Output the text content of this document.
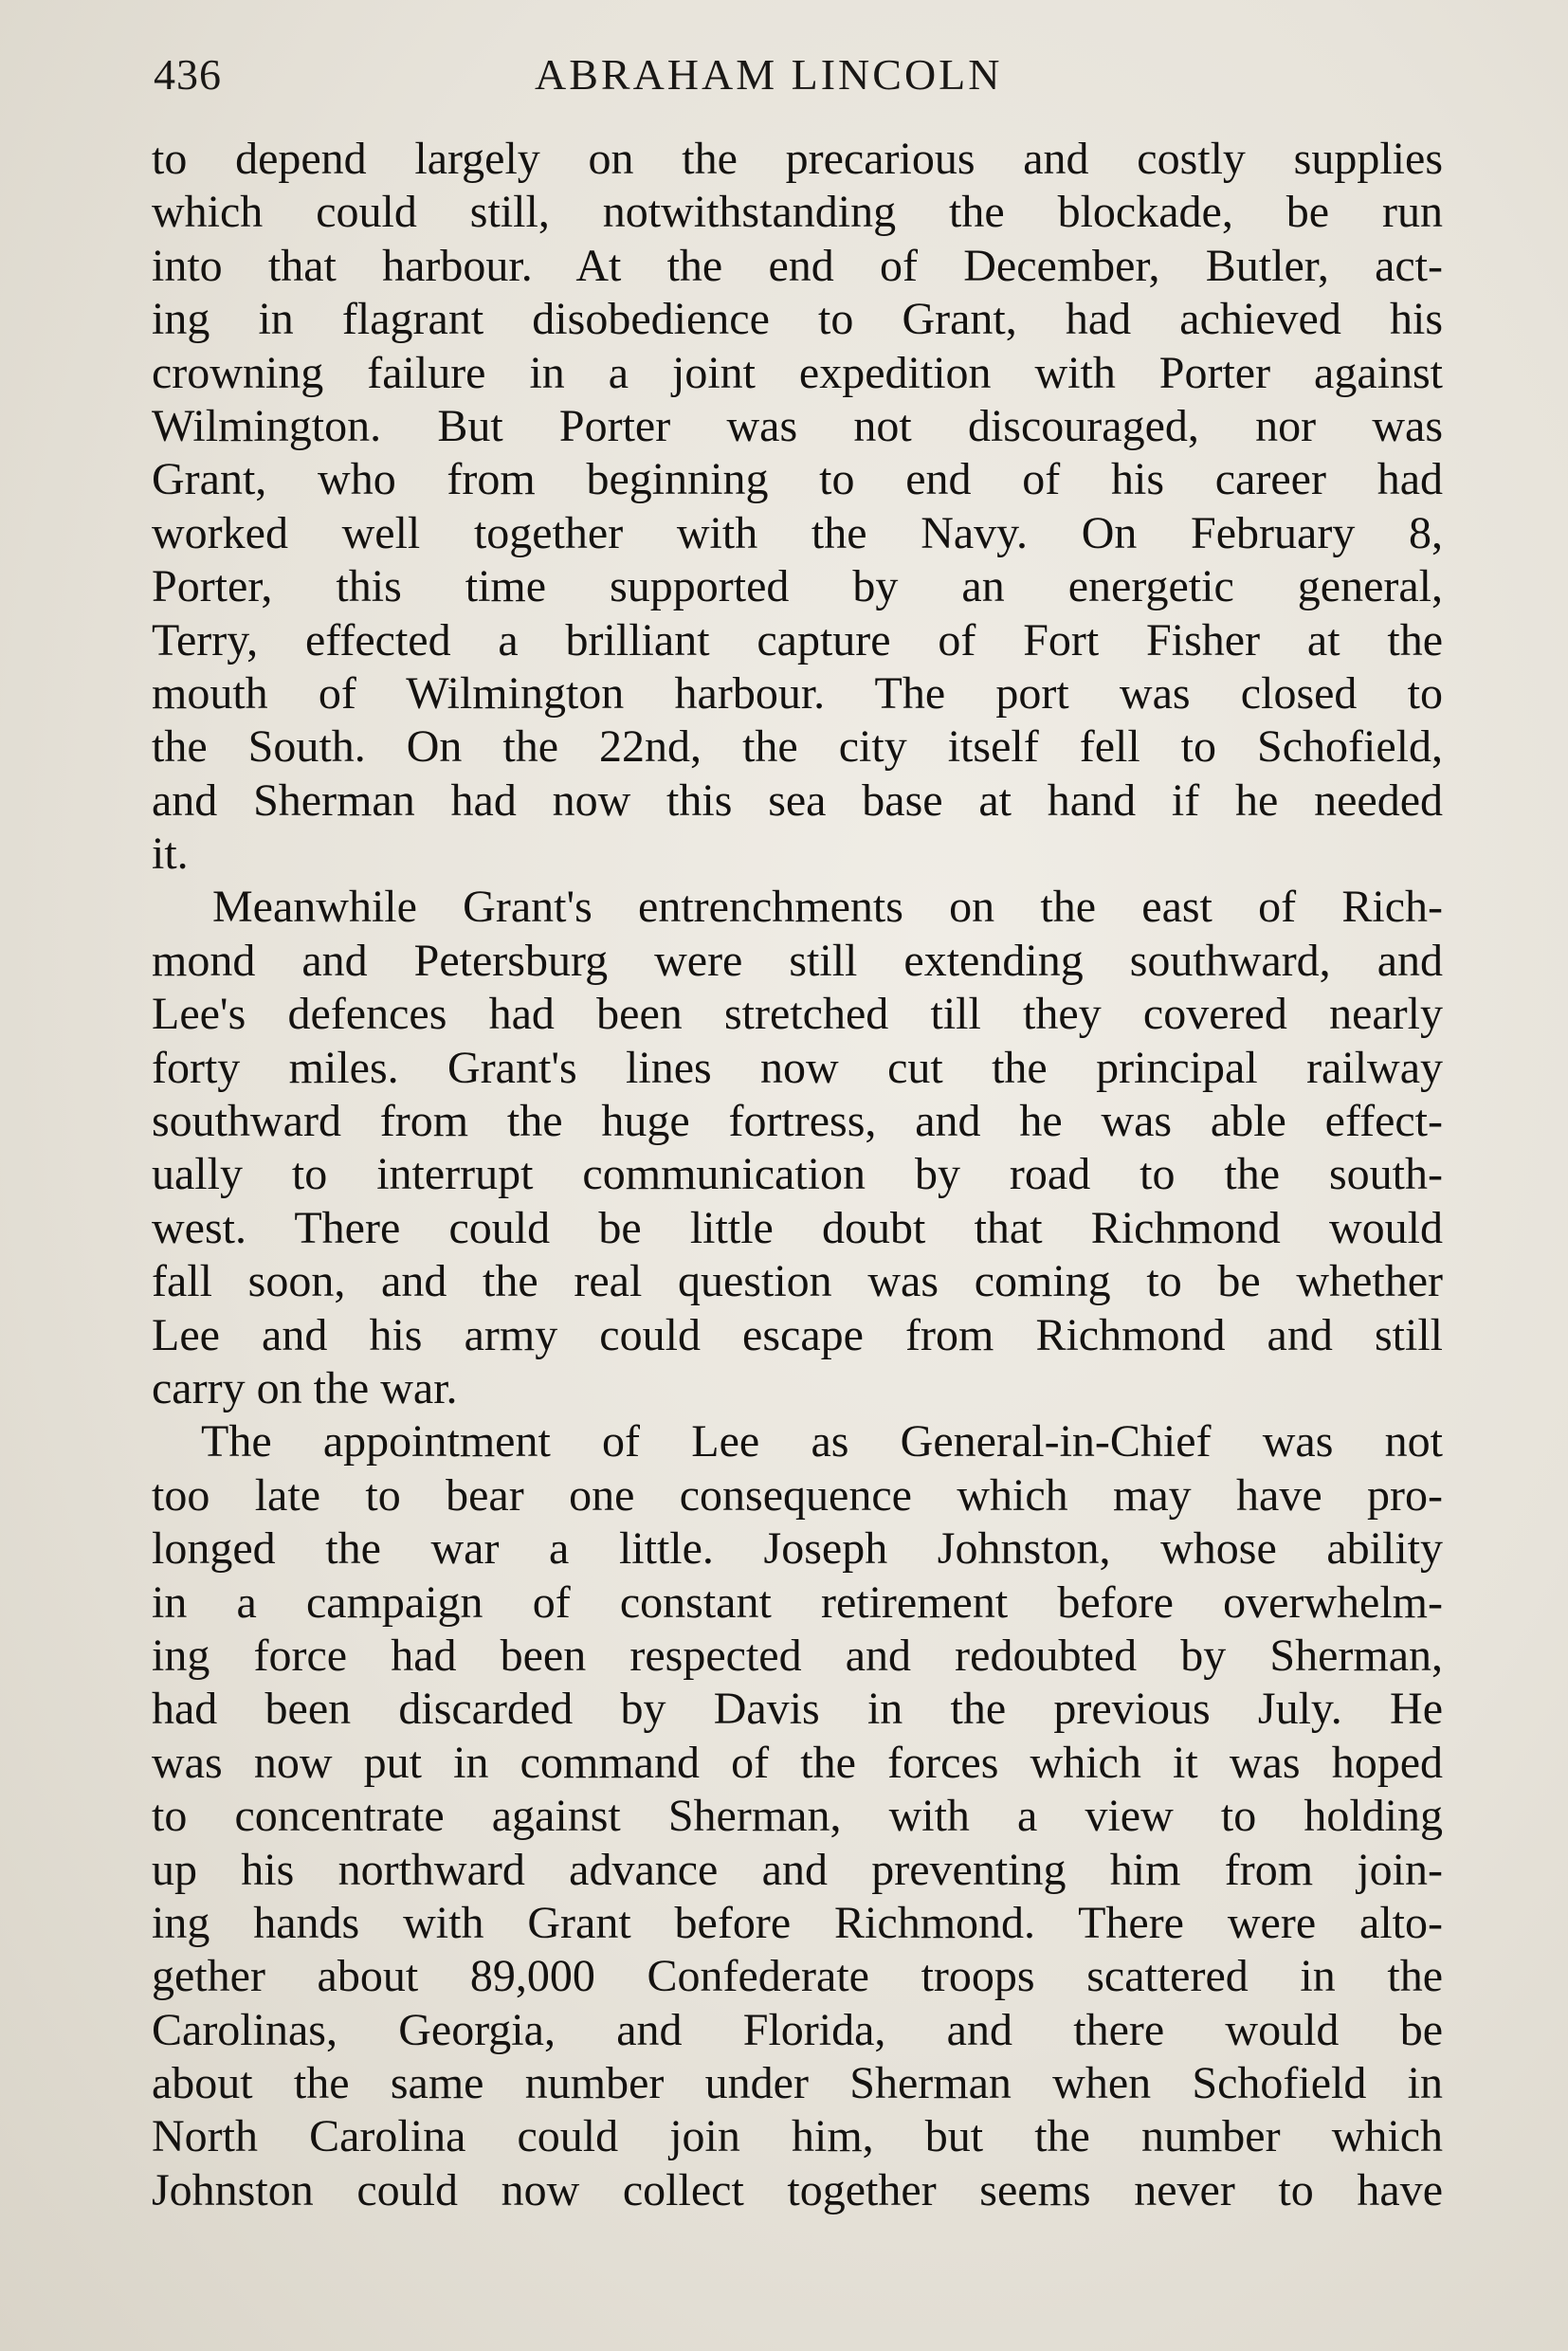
436	ABRAHAM LINCOLN
to depend largely on the precarious and costly supplies
which could still, notwithstanding the blockade, be run
into that harbour. At the end of December, Butler, act-
ing in flagrant disobedience to Grant, had achieved his
crowning failure in a joint expedition with Porter against
Wilmington. But Porter was not discouraged, nor was
Grant, who from beginning to end of his career had
worked well together with the Navy. On February 8,
Porter, this time supported by an energetic general,
Terry, effected a brilliant capture of Fort Fisher at the
mouth of Wilmington harbour. The port was closed to
the South. On the 22nd, the city itself fell to Schofield,
and Sherman had now this sea base at hand if he needed
it.
Meanwhile Grant's entrenchments on the east of Rich-
mond and Petersburg were still extending southward, and
Lee's defences had been stretched till they covered nearly
forty miles. Grant's lines now cut the principal railway
southward from the huge fortress, and he was able effect-
ually to interrupt communication by road to the south-
west. There could be little doubt that Richmond would
fall soon, and the real question was coming to be whether
Lee and his army could escape from Richmond and still
carry on the war.
The appointment of Lee as General-in-Chief was not
too late to bear one consequence which may have pro-
longed the war a little. Joseph Johnston, whose ability
in a campaign of constant retirement before overwhelm-
ing force had been respected and redoubted by Sherman,
had been discarded by Davis in the previous July. He
was now put in command of the forces which it was hoped
to concentrate against Sherman, with a view to holding
up his northward advance and preventing him from join-
ing hands with Grant before Richmond. There were alto-
gether about 89,000 Confederate troops scattered in the
Carolinas, Georgia, and Florida, and there would be
about the same number under Sherman when Schofield in
North Carolina could join him, but the number which
Johnston could now collect together seems never to have
